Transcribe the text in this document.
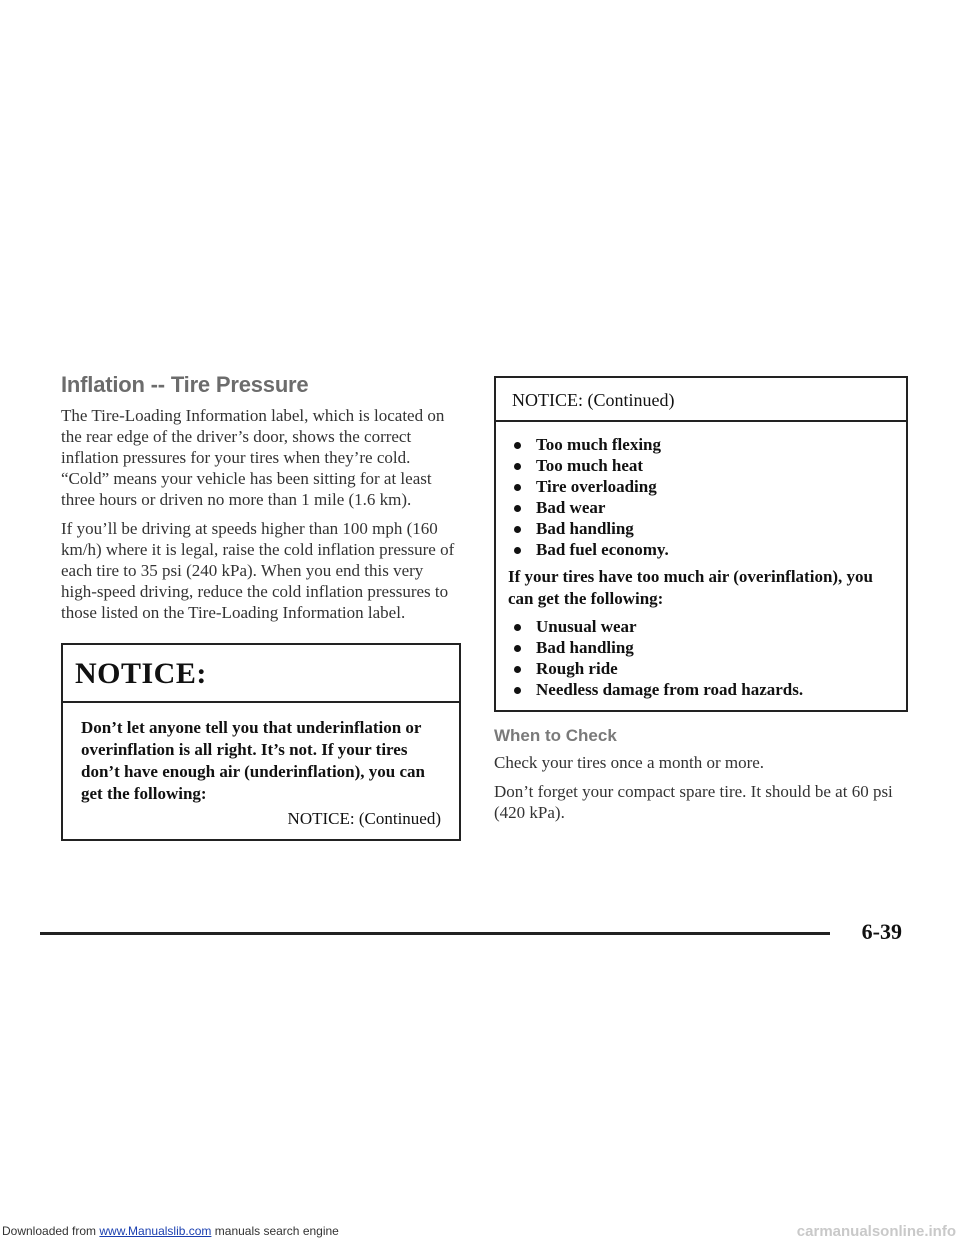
Inflation -- Tire Pressure

The Tire-Loading Information label, which is located on the rear edge of the driver’s door, shows the correct inflation pressures for your tires when they’re cold. “Cold” means your vehicle has been sitting for at least three hours or driven no more than 1 mile (1.6 km).

If you’ll be driving at speeds higher than 100 mph (160 km/h) where it is legal, raise the cold inflation pressure of each tire to 35 psi (240 kPa). When you end this very high-speed driving, reduce the cold inflation pressures to those listed on the Tire-Loading Information label.

NOTICE:

Don’t let anyone tell you that underinflation or overinflation is all right. It’s not. If your tires don’t have enough air (underinflation), you can get the following:

NOTICE: (Continued)
NOTICE: (Continued)
Too much flexing
Too much heat
Tire overloading
Bad wear
Bad handling
Bad fuel economy.

If your tires have too much air (overinflation), you can get the following:

Unusual wear
Bad handling
Rough ride
Needless damage from road hazards.
When to Check

Check your tires once a month or more.

Don’t forget your compact spare tire. It should be at 60 psi (420 kPa).

6-39
Downloaded from www.Manualslib.com manuals search engine	carmanualsonline.info
